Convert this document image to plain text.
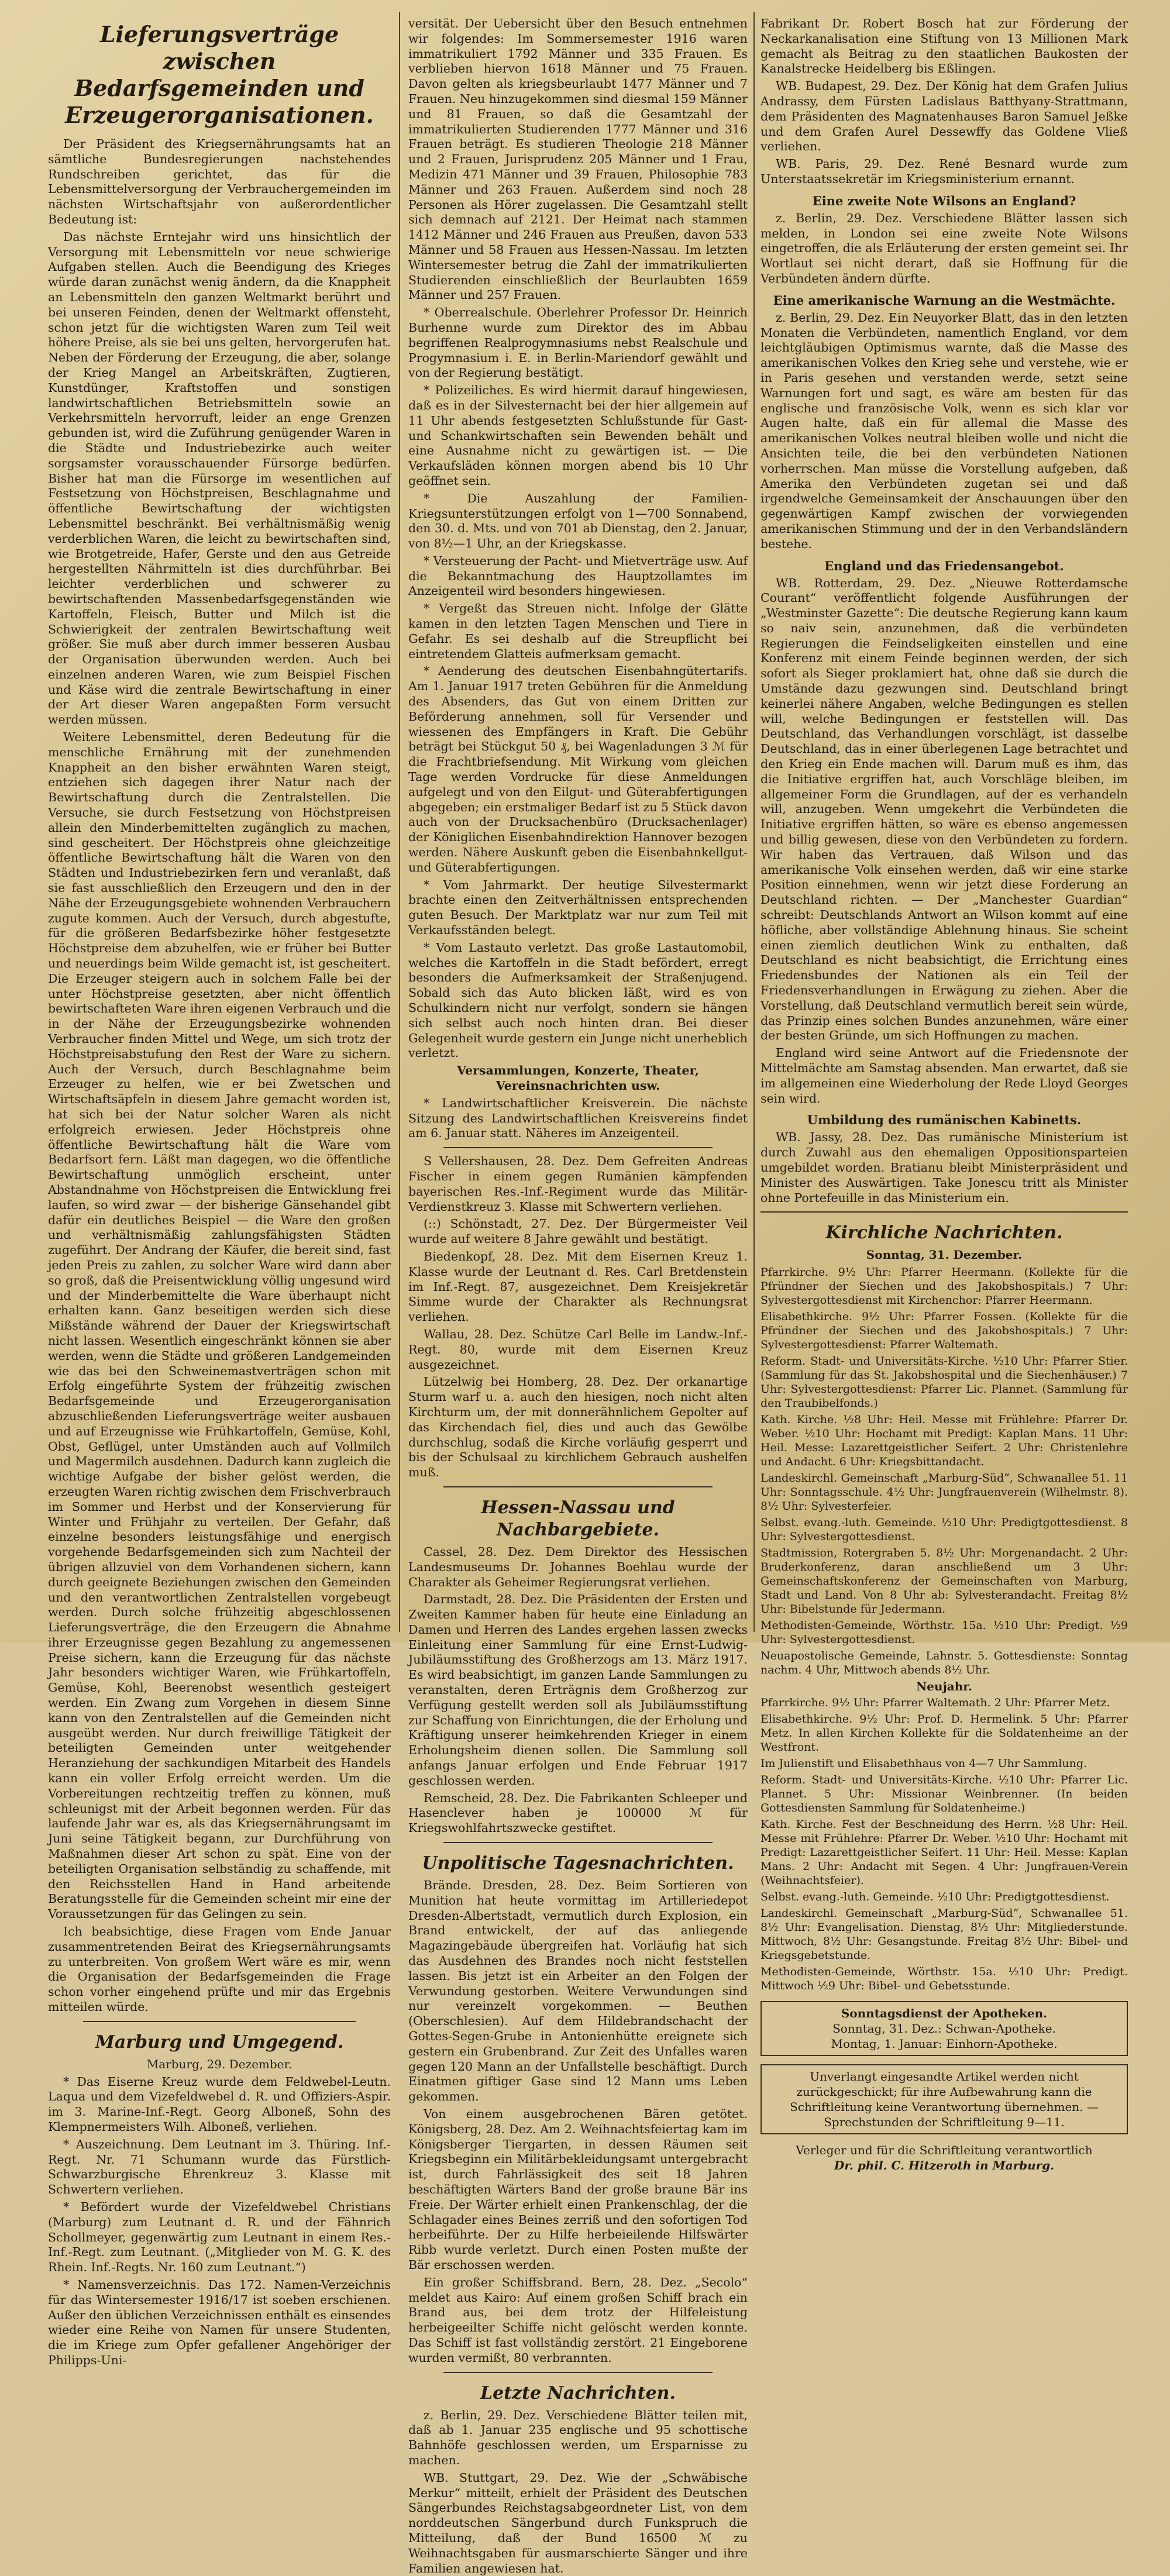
Lieferungsverträge zwischen Bedarfsgemeinden und Erzeugerorganisationen.

Der Präsident des Kriegsernährungsamts hat an sämtliche Bundesregierungen nachstehendes Rundschreiben gerichtet, das für die Lebensmittelversorgung der Verbrauchergemeinden im nächsten Wirtschaftsjahr von außerordentlicher Bedeutung ist:

Das nächste Erntejahr wird uns hinsichtlich der Versorgung mit Lebensmitteln vor neue schwierige Aufgaben stellen. Auch die Beendigung des Krieges würde daran zunächst wenig ändern, da die Knappheit an Lebensmitteln den ganzen Weltmarkt berührt und bei unseren Feinden, denen der Weltmarkt offensteht, schon jetzt für die wichtigsten Waren zum Teil weit höhere Preise, als sie bei uns gelten, hervorgerufen hat. Neben der Förderung der Erzeugung, die aber, solange der Krieg Mangel an Arbeitskräften, Zugtieren, Kunstdünger, Kraftstoffen und sonstigen landwirtschaftlichen Betriebsmitteln sowie an Verkehrsmitteln hervorruft, leider an enge Grenzen gebunden ist, wird die Zuführung genügender Waren in die Städte und Industriebezirke auch weiter sorgsamster vorausschauender Fürsorge bedürfen. Bisher hat man die Fürsorge im wesentlichen auf Festsetzung von Höchstpreisen, Beschlagnahme und öffentliche Bewirtschaftung der wichtigsten Lebensmittel beschränkt. Bei verhältnismäßig wenig verderblichen Waren, die leicht zu bewirtschaften sind, wie Brotgetreide, Hafer, Gerste und den aus Getreide hergestellten Nährmitteln ist dies durchführbar. Bei leichter verderblichen und schwerer zu bewirtschaftenden Massenbedarfsgegenständen wie Kartoffeln, Fleisch, Butter und Milch ist die Schwierigkeit der zentralen Bewirtschaftung weit größer. Sie muß aber durch immer besseren Ausbau der Organisation überwunden werden. Auch bei einzelnen anderen Waren, wie zum Beispiel Fischen und Käse wird die zentrale Bewirtschaftung in einer der Art dieser Waren angepaßten Form versucht werden müssen.

Weitere Lebensmittel, deren Bedeutung für die menschliche Ernährung mit der zunehmenden Knappheit an den bisher erwähnten Waren steigt, entziehen sich dagegen ihrer Natur nach der Bewirtschaftung durch die Zentralstellen. Die Versuche, sie durch Festsetzung von Höchstpreisen allein den Minderbemittelten zugänglich zu machen, sind gescheitert. Der Höchstpreis ohne gleichzeitige öffentliche Bewirtschaftung hält die Waren von den Städten und Industriebezirken fern und veranlaßt, daß sie fast ausschließlich den Erzeugern und den in der Nähe der Erzeugungsgebiete wohnenden Verbrauchern zugute kommen. Auch der Versuch, durch abgestufte, für die größeren Bedarfsbezirke höher festgesetzte Höchstpreise dem abzuhelfen, wie er früher bei Butter und neuerdings beim Wilde gemacht ist, ist gescheitert. Die Erzeuger steigern auch in solchem Falle bei der unter Höchstpreise gesetzten, aber nicht öffentlich bewirtschafteten Ware ihren eigenen Verbrauch und die in der Nähe der Erzeugungsbezirke wohnenden Verbraucher finden Mittel und Wege, um sich trotz der Höchstpreisabstufung den Rest der Ware zu sichern. Auch der Versuch, durch Beschlagnahme beim Erzeuger zu helfen, wie er bei Zwetschen und Wirtschaftsäpfeln in diesem Jahre gemacht worden ist, hat sich bei der Natur solcher Waren als nicht erfolgreich erwiesen. Jeder Höchstpreis ohne öffentliche Bewirtschaftung hält die Ware vom Bedarfsort fern. Läßt man dagegen, wo die öffentliche Bewirtschaftung unmöglich erscheint, unter Abstandnahme von Höchstpreisen die Entwicklung frei laufen, so wird zwar — der bisherige Gänsehandel gibt dafür ein deutliches Beispiel — die Ware den großen und verhältnismäßig zahlungsfähigsten Städten zugeführt. Der Andrang der Käufer, die bereit sind, fast jeden Preis zu zahlen, zu solcher Ware wird dann aber so groß, daß die Preisentwicklung völlig ungesund wird und der Minderbemittelte die Ware überhaupt nicht erhalten kann. Ganz beseitigen werden sich diese Mißstände während der Dauer der Kriegswirtschaft nicht lassen. Wesentlich eingeschränkt können sie aber werden, wenn die Städte und größeren Landgemeinden wie das bei den Schweinemastverträgen schon mit Erfolg eingeführte System der frühzeitig zwischen Bedarfsgemeinde und Erzeugerorganisation abzuschließenden Lieferungsverträge weiter ausbauen und auf Erzeugnisse wie Frühkartoffeln, Gemüse, Kohl, Obst, Geflügel, unter Umständen auch auf Vollmilch und Magermilch ausdehnen. Dadurch kann zugleich die wichtige Aufgabe der bisher gelöst werden, die erzeugten Waren richtig zwischen dem Frischverbrauch im Sommer und Herbst und der Konservierung für Winter und Frühjahr zu verteilen. Der Gefahr, daß einzelne besonders leistungsfähige und energisch vorgehende Bedarfsgemeinden sich zum Nachteil der übrigen allzuviel von dem Vorhandenen sichern, kann durch geeignete Beziehungen zwischen den Gemeinden und den verantwortlichen Zentralstellen vorgebeugt werden. Durch solche frühzeitig abgeschlossenen Lieferungsverträge, die den Erzeugern die Abnahme ihrer Erzeugnisse gegen Bezahlung zu angemessenen Preise sichern, kann die Erzeugung für das nächste Jahr besonders wichtiger Waren, wie Frühkartoffeln, Gemüse, Kohl, Beerenobst wesentlich gesteigert werden. Ein Zwang zum Vorgehen in diesem Sinne kann von den Zentralstellen auf die Gemeinden nicht ausgeübt werden. Nur durch freiwillige Tätigkeit der beteiligten Gemeinden unter weitgehender Heranziehung der sachkundigen Mitarbeit des Handels kann ein voller Erfolg erreicht werden. Um die Vorbereitungen rechtzeitig treffen zu können, muß schleunigst mit der Arbeit begonnen werden. Für das laufende Jahr war es, als das Kriegsernährungsamt im Juni seine Tätigkeit begann, zur Durchführung von Maßnahmen dieser Art schon zu spät. Eine von der beteiligten Organisation selbständig zu schaffende, mit den Reichsstellen Hand in Hand arbeitende Beratungsstelle für die Gemeinden scheint mir eine der Voraussetzungen für das Gelingen zu sein.

Ich beabsichtige, diese Fragen vom Ende Januar zusammentretenden Beirat des Kriegsernährungsamts zu unterbreiten. Von großem Wert wäre es mir, wenn die Organisation der Bedarfsgemeinden die Frage schon vorher eingehend prüfte und mir das Ergebnis mitteilen würde.

Marburg und Umgegend.
Marburg, 29. Dezember.

* Das Eiserne Kreuz wurde dem Feldwebel-Leutn. Laqua und dem Vizefeldwebel d. R. und Offiziers-Aspir. im 3. Marine-Inf.-Regt. Georg Alboneß, Sohn des Klempnermeisters Wilh. Alboneß, verliehen.

* Auszeichnung. Dem Leutnant im 3. Thüring. Inf.-Regt. Nr. 71 Schumann wurde das Fürstlich-Schwarzburgische Ehrenkreuz 3. Klasse mit Schwertern verliehen.

* Befördert wurde der Vizefeldwebel Christians (Marburg) zum Leutnant d. R. und der Fähnrich Schollmeyer, gegenwärtig zum Leutnant in einem Res.-Inf.-Regt. zum Leutnant. („Mitglieder von M. G. K. des Rhein. Inf.-Regts. Nr. 160 zum Leutnant.“)

* Namensverzeichnis. Das 172. Namen-Verzeichnis für das Wintersemester 1916/17 ist soeben erschienen. Außer den üblichen Verzeichnissen enthält es einsendes wieder eine Reihe von Namen für unsere Studenten, die im Kriege zum Opfer gefallener Angehöriger der Philipps-Uni-

versität. Der Uebersicht über den Besuch entnehmen wir folgendes: Im Sommersemester 1916 waren immatrikuliert 1792 Männer und 335 Frauen. Es verblieben hiervon 1618 Männer und 75 Frauen. Davon gelten als kriegsbeurlaubt 1477 Männer und 7 Frauen. Neu hinzugekommen sind diesmal 159 Männer und 81 Frauen, so daß die Gesamtzahl der immatrikulierten Studierenden 1777 Männer und 316 Frauen beträgt. Es studieren Theologie 218 Männer und 2 Frauen, Jurisprudenz 205 Männer und 1 Frau, Medizin 471 Männer und 39 Frauen, Philosophie 783 Männer und 263 Frauen. Außerdem sind noch 28 Personen als Hörer zugelassen. Die Gesamtzahl stellt sich demnach auf 2121. Der Heimat nach stammen 1412 Männer und 246 Frauen aus Preußen, davon 533 Männer und 58 Frauen aus Hessen-Nassau. Im letzten Wintersemester betrug die Zahl der immatrikulierten Studierenden einschließlich der Beurlaubten 1659 Männer und 257 Frauen.

* Oberrealschule. Oberlehrer Professor Dr. Heinrich Burhenne wurde zum Direktor des im Abbau begriffenen Realprogymnasiums nebst Realschule und Progymnasium i. E. in Berlin-Mariendorf gewählt und von der Regierung bestätigt.

* Polizeiliches. Es wird hiermit darauf hingewiesen, daß es in der Silvesternacht bei der hier allgemein auf 11 Uhr abends festgesetzten Schlußstunde für Gast- und Schankwirtschaften sein Bewenden behält und eine Ausnahme nicht zu gewärtigen ist. — Die Verkaufsläden können morgen abend bis 10 Uhr geöffnet sein.

* Die Auszahlung der Familien-Kriegsunterstützungen erfolgt von 1—700 Sonnabend, den 30. d. Mts. und von 701 ab Dienstag, den 2. Januar, von 8½—1 Uhr, an der Kriegskasse.

* Versteuerung der Pacht- und Mietverträge usw. Auf die Bekanntmachung des Hauptzollamtes im Anzeigenteil wird besonders hingewiesen.

* Vergeßt das Streuen nicht. Infolge der Glätte kamen in den letzten Tagen Menschen und Tiere in Gefahr. Es sei deshalb auf die Streupflicht bei eintretendem Glatteis aufmerksam gemacht.

* Aenderung des deutschen Eisenbahngütertarifs. Am 1. Januar 1917 treten Gebühren für die Anmeldung des Absenders, das Gut von einem Dritten zur Beförderung annehmen, soll für Versender und wiessenen des Empfängers in Kraft. Die Gebühr beträgt bei Stückgut 50 ₰, bei Wagenladungen 3 ℳ für die Frachtbriefsendung. Mit Wirkung vom gleichen Tage werden Vordrucke für diese Anmeldungen aufgelegt und von den Eilgut- und Güterabfertigungen abgegeben; ein erstmaliger Bedarf ist zu 5 Stück davon auch von der Drucksachenbüro (Drucksachenlager) der Königlichen Eisenbahndirektion Hannover bezogen werden. Nähere Auskunft geben die Eisenbahnkellgut- und Güterabfertigungen.

* Vom Jahrmarkt. Der heutige Silvestermarkt brachte einen den Zeitverhältnissen entsprechenden guten Besuch. Der Marktplatz war nur zum Teil mit Verkaufsständen belegt.

* Vom Lastauto verletzt. Das große Lastautomobil, welches die Kartoffeln in die Stadt befördert, erregt besonders die Aufmerksamkeit der Straßenjugend. Sobald sich das Auto blicken läßt, wird es von Schulkindern nicht nur verfolgt, sondern sie hängen sich selbst auch noch hinten dran. Bei dieser Gelegenheit wurde gestern ein Junge nicht unerheblich verletzt.

Versammlungen, Konzerte, Theater, Vereinsnachrichten usw.

* Landwirtschaftlicher Kreisverein. Die nächste Sitzung des Landwirtschaftlichen Kreisvereins findet am 6. Januar statt. Näheres im Anzeigenteil.

S Vellershausen, 28. Dez. Dem Gefreiten Andreas Fischer in einem gegen Rumänien kämpfenden bayerischen Res.-Inf.-Regiment wurde das Militär-Verdienstkreuz 3. Klasse mit Schwertern verliehen.

(::) Schönstadt, 27. Dez. Der Bürgermeister Veil wurde auf weitere 8 Jahre gewählt und bestätigt.

Biedenkopf, 28. Dez. Mit dem Eisernen Kreuz 1. Klasse wurde der Leutnant d. Res. Carl Bretdenstein im Inf.-Regt. 87, ausgezeichnet. Dem Kreisjekretär Simme wurde der Charakter als Rechnungsrat verliehen.

Wallau, 28. Dez. Schütze Carl Belle im Landw.-Inf.-Regt. 80, wurde mit dem Eisernen Kreuz ausgezeichnet.

Lützelwig bei Homberg, 28. Dez. Der orkanartige Sturm warf u. a. auch den hiesigen, noch nicht alten Kirchturm um, der mit donnerähnlichem Gepolter auf das Kirchendach fiel, dies und auch das Gewölbe durchschlug, sodaß die Kirche vorläufig gesperrt und bis der Schulsaal zu kirchlichem Gebrauch aushelfen muß.

Hessen-Nassau und Nachbargebiete.

Cassel, 28. Dez. Dem Direktor des Hessischen Landesmuseums Dr. Johannes Boehlau wurde der Charakter als Geheimer Regierungsrat verliehen.

Darmstadt, 28. Dez. Die Präsidenten der Ersten und Zweiten Kammer haben für heute eine Einladung an Damen und Herren des Landes ergehen lassen zwecks Einleitung einer Sammlung für eine Ernst-Ludwig-Jubiläumsstiftung des Großherzogs am 13. März 1917. Es wird beabsichtigt, im ganzen Lande Sammlungen zu veranstalten, deren Erträgnis dem Großherzog zur Verfügung gestellt werden soll als Jubiläumsstiftung zur Schaffung von Einrichtungen, die der Erholung und Kräftigung unserer heimkehrenden Krieger in einem Erholungsheim dienen sollen. Die Sammlung soll anfangs Januar erfolgen und Ende Februar 1917 geschlossen werden.

Remscheid, 28. Dez. Die Fabrikanten Schleeper und Hasenclever haben je 100000 ℳ für Kriegswohlfahrtszwecke gestiftet.

Unpolitische Tagesnachrichten.

Brände. Dresden, 28. Dez. Beim Sortieren von Munition hat heute vormittag im Artilleriedepot Dresden-Albertstadt, vermutlich durch Explosion, ein Brand entwickelt, der auf das anliegende Magazingebäude übergreifen hat. Vorläufig hat sich das Ausdehnen des Brandes noch nicht feststellen lassen. Bis jetzt ist ein Arbeiter an den Folgen der Verwundung gestorben. Weitere Verwundungen sind nur vereinzelt vorgekommen. — Beuthen (Oberschlesien). Auf dem Hildebrandschacht der Gottes-Segen-Grube in Antonienhütte ereignete sich gestern ein Grubenbrand. Zur Zeit des Unfalles waren gegen 120 Mann an der Unfallstelle beschäftigt. Durch Einatmen giftiger Gase sind 12 Mann ums Leben gekommen.

Von einem ausgebrochenen Bären getötet. Königsberg, 28. Dez. Am 2. Weihnachtsfeiertag kam im Königsberger Tiergarten, in dessen Räumen seit Kriegsbeginn ein Militärbekleidungsamt untergebracht ist, durch Fahrlässigkeit des seit 18 Jahren beschäftigten Wärters Band der große braune Bär ins Freie. Der Wärter erhielt einen Prankenschlag, der die Schlagader eines Beines zerriß und den sofortigen Tod herbeiführte. Der zu Hilfe herbeieilende Hilfswärter Ribb wurde verletzt. Durch einen Posten mußte der Bär erschossen werden.

Ein großer Schiffsbrand. Bern, 28. Dez. „Secolo“ meldet aus Kairo: Auf einem großen Schiff brach ein Brand aus, bei dem trotz der Hilfeleistung herbeigeeilter Schiffe nicht gelöscht werden konnte. Das Schiff ist fast vollständig zerstört. 21 Eingeborene wurden vermißt, 80 verbrannten.

Letzte Nachrichten.

z. Berlin, 29. Dez. Verschiedene Blätter teilen mit, daß ab 1. Januar 235 englische und 95 schottische Bahnhöfe geschlossen werden, um Ersparnisse zu machen.

WB. Stuttgart, 29. Dez. Wie der „Schwäbische Merkur“ mitteilt, erhielt der Präsident des Deutschen Sängerbundes Reichstagsabgeordneter List, von dem norddeutschen Sängerbund durch Funkspruch die Mitteilung, daß der Bund 16500 ℳ zu Weihnachtsgaben für ausmarschierte Sänger und ihre Familien angewiesen hat.

Fabrikant Dr. Robert Bosch hat zur Förderung der Neckarkanalisation eine Stiftung von 13 Millionen Mark gemacht als Beitrag zu den staatlichen Baukosten der Kanalstrecke Heidelberg bis Eßlingen.

WB. Budapest, 29. Dez. Der König hat dem Grafen Julius Andrassy, dem Fürsten Ladislaus Batthyany-Strattmann, dem Präsidenten des Magnatenhauses Baron Samuel Jeßke und dem Grafen Aurel Dessewffy das Goldene Vließ verliehen.

WB. Paris, 29. Dez. René Besnard wurde zum Unterstaatssekretär im Kriegsministerium ernannt.

Eine zweite Note Wilsons an England?

z. Berlin, 29. Dez. Verschiedene Blätter lassen sich melden, in London sei eine zweite Note Wilsons eingetroffen, die als Erläuterung der ersten gemeint sei. Ihr Wortlaut sei nicht derart, daß sie Hoffnung für die Verbündeten ändern dürfte.

Eine amerikanische Warnung an die Westmächte.

z. Berlin, 29. Dez. Ein Neuyorker Blatt, das in den letzten Monaten die Verbündeten, namentlich England, vor dem leichtgläubigen Optimismus warnte, daß die Masse des amerikanischen Volkes den Krieg sehe und verstehe, wie er in Paris gesehen und verstanden werde, setzt seine Warnungen fort und sagt, es wäre am besten für das englische und französische Volk, wenn es sich klar vor Augen halte, daß ein für allemal die Masse des amerikanischen Volkes neutral bleiben wolle und nicht die Ansichten teile, die bei den verbündeten Nationen vorherrschen. Man müsse die Vorstellung aufgeben, daß Amerika den Verbündeten zugetan sei und daß irgendwelche Gemeinsamkeit der Anschauungen über den gegenwärtigen Kampf zwischen der vorwiegenden amerikanischen Stimmung und der in den Verbandsländern bestehe.

England und das Friedensangebot.

WB. Rotterdam, 29. Dez. „Nieuwe Rotterdamsche Courant“ veröffentlicht folgende Ausführungen der „Westminster Gazette“: Die deutsche Regierung kann kaum so naiv sein, anzunehmen, daß die verbündeten Regierungen die Feindseligkeiten einstellen und eine Konferenz mit einem Feinde beginnen werden, der sich sofort als Sieger proklamiert hat, ohne daß sie durch die Umstände dazu gezwungen sind. Deutschland bringt keinerlei nähere Angaben, welche Bedingungen es stellen will, welche Bedingungen er feststellen will. Das Deutschland, das Verhandlungen vorschlägt, ist dasselbe Deutschland, das in einer überlegenen Lage betrachtet und den Krieg ein Ende machen will. Darum muß es ihm, das die Initiative ergriffen hat, auch Vorschläge bleiben, im allgemeiner Form die Grundlagen, auf der es verhandeln will, anzugeben. Wenn umgekehrt die Verbündeten die Initiative ergriffen hätten, so wäre es ebenso angemessen und billig gewesen, diese von den Verbündeten zu fordern. Wir haben das Vertrauen, daß Wilson und das amerikanische Volk einsehen werden, daß wir eine starke Position einnehmen, wenn wir jetzt diese Forderung an Deutschland richten. — Der „Manchester Guardian“ schreibt: Deutschlands Antwort an Wilson kommt auf eine höfliche, aber vollständige Ablehnung hinaus. Sie scheint einen ziemlich deutlichen Wink zu enthalten, daß Deutschland es nicht beabsichtigt, die Errichtung eines Friedensbundes der Nationen als ein Teil der Friedensverhandlungen in Erwägung zu ziehen. Aber die Vorstellung, daß Deutschland vermutlich bereit sein würde, das Prinzip eines solchen Bundes anzunehmen, wäre einer der besten Gründe, um sich Hoffnungen zu machen.

England wird seine Antwort auf die Friedensnote der Mittelmächte am Samstag absenden. Man erwartet, daß sie im allgemeinen eine Wiederholung der Rede Lloyd Georges sein wird.

Umbildung des rumänischen Kabinetts.

WB. Jassy, 28. Dez. Das rumänische Ministerium ist durch Zuwahl aus den ehemaligen Oppositionsparteien umgebildet worden. Bratianu bleibt Ministerpräsident und Minister des Auswärtigen. Take Jonescu tritt als Minister ohne Portefeuille in das Ministerium ein.

Kirchliche Nachrichten.
Sonntag, 31. Dezember.

Pfarrkirche. 9½ Uhr: Pfarrer Heermann. (Kollekte für die Pfründner der Siechen und des Jakobshospitals.) 7 Uhr: Sylvestergottesdienst mit Kirchenchor: Pfarrer Heermann.

Elisabethkirche. 9½ Uhr: Pfarrer Fossen. (Kollekte für die Pfründner der Siechen und des Jakobshospitals.) 7 Uhr: Sylvestergottesdienst: Pfarrer Waltemath.

Reform. Stadt- und Universitäts-Kirche. ½10 Uhr: Pfarrer Stier. (Sammlung für das St. Jakobshospital und die Siechenhäuser.) 7 Uhr: Sylvestergottesdienst: Pfarrer Lic. Plannet. (Sammlung für den Traubibelfonds.)

Kath. Kirche. ½8 Uhr: Heil. Messe mit Frühlehre: Pfarrer Dr. Weber. ½10 Uhr: Hochamt mit Predigt: Kaplan Mans. 11 Uhr: Heil. Messe: Lazarettgeistlicher Seifert. 2 Uhr: Christenlehre und Andacht. 6 Uhr: Kriegsbittandacht.

Landeskirchl. Gemeinschaft „Marburg-Süd“, Schwanallee 51. 11 Uhr: Sonntagsschule. 4½ Uhr: Jungfrauenverein (Wilhelmstr. 8). 8½ Uhr: Sylvesterfeier.

Selbst. evang.-luth. Gemeinde. ½10 Uhr: Predigtgottesdienst. 8 Uhr: Sylvestergottesdienst.

Stadtmission, Rotergraben 5. 8½ Uhr: Morgenandacht. 2 Uhr: Bruderkonferenz, daran anschließend um 3 Uhr: Gemeinschaftskonferenz der Gemeinschaften von Marburg, Stadt und Land. Von 8 Uhr ab: Sylvesterandacht. Freitag 8½ Uhr: Bibelstunde für Jedermann.

Methodisten-Gemeinde, Wörthstr. 15a. ½10 Uhr: Predigt. ½9 Uhr: Sylvestergottesdienst.

Neuapostolische Gemeinde, Lahnstr. 5. Gottesdienste: Sonntag nachm. 4 Uhr, Mittwoch abends 8½ Uhr.

Neujahr.

Pfarrkirche. 9½ Uhr: Pfarrer Waltemath. 2 Uhr: Pfarrer Metz.

Elisabethkirche. 9½ Uhr: Prof. D. Hermelink. 5 Uhr: Pfarrer Metz. In allen Kirchen Kollekte für die Soldatenheime an der Westfront.

Im Julienstift und Elisabethhaus von 4—7 Uhr Sammlung.

Reform. Stadt- und Universitäts-Kirche. ½10 Uhr: Pfarrer Lic. Plannet. 5 Uhr: Missionar Weinbrenner. (In beiden Gottesdiensten Sammlung für Soldatenheime.)

Kath. Kirche. Fest der Beschneidung des Herrn. ½8 Uhr: Heil. Messe mit Frühlehre: Pfarrer Dr. Weber. ½10 Uhr: Hochamt mit Predigt: Lazarettgeistlicher Seifert. 11 Uhr: Heil. Messe: Kaplan Mans. 2 Uhr: Andacht mit Segen. 4 Uhr: Jungfrauen-Verein (Weihnachtsfeier).

Selbst. evang.-luth. Gemeinde. ½10 Uhr: Predigtgottesdienst.

Landeskirchl. Gemeinschaft „Marburg-Süd“, Schwanallee 51. 8½ Uhr: Evangelisation. Dienstag, 8½ Uhr: Mitgliederstunde. Mittwoch, 8½ Uhr: Gesangstunde. Freitag 8½ Uhr: Bibel- und Kriegsgebetstunde.

Methodisten-Gemeinde, Wörthstr. 15a. ½10 Uhr: Predigt. Mittwoch ½9 Uhr: Bibel- und Gebetsstunde.

Sonntagsdienst der Apotheken.
Sonntag, 31. Dez.: Schwan-Apotheke.
Montag, 1. Januar: Einhorn-Apotheke.
Unverlangt eingesandte Artikel werden nicht zurückgeschickt; für ihre Aufbewahrung kann die Schriftleitung keine Verantwortung übernehmen. — Sprechstunden der Schriftleitung 9—11.
Verleger und für die Schriftleitung verantwortlich
Dr. phil. C. Hitzeroth in Marburg.
